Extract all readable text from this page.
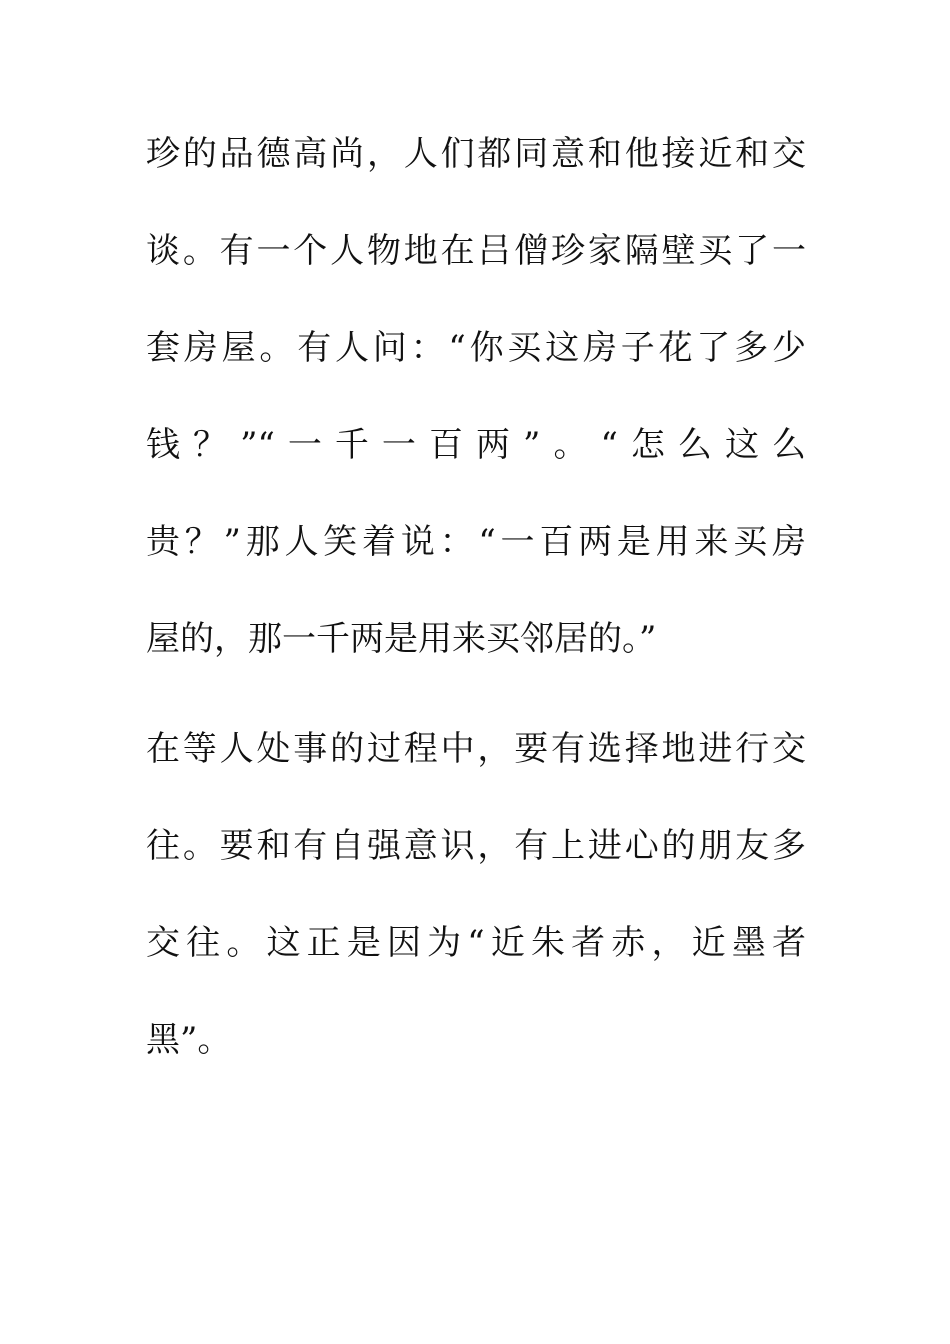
珍的品德高尚，人们都同意和他接近和交
谈。有一个人物地在吕僧珍家隔壁买了一
套房屋。有人问：“你买这房子花了多少
钱？”“一千一百两”。“怎么这么
贵？”那人笑着说：“一百两是用来买房
屋的，那一千两是用来买邻居的。”
在等人处事的过程中，要有选择地进行交
往。要和有自强意识，有上进心的朋友多
交往。这正是因为“近朱者赤，近墨者
黑”。
